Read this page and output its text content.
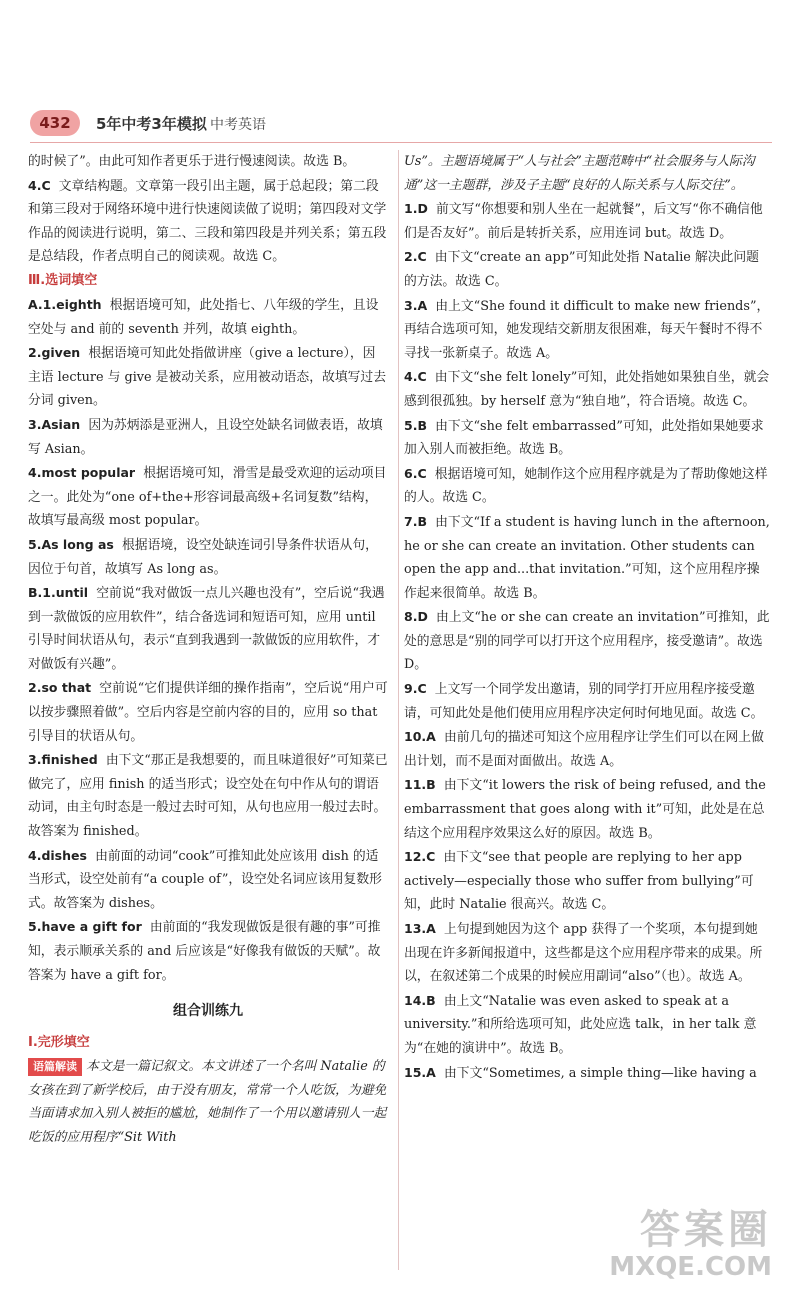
432	5年中考3年模拟 中考英语

的时候了”。由此可知作者更乐于进行慢速阅读。故选 B。

4.C 文章结构题。文章第一段引出主题，属于总起段；第二段和第三段对于网络环境中进行快速阅读做了说明；第四段对文学作品的阅读进行说明，第二、三段和第四段是并列关系；第五段是总结段，作者点明自己的阅读观。故选 C。

Ⅲ.选词填空

A.1.eighth 根据语境可知，此处指七、八年级的学生，且设空处与 and 前的 seventh 并列，故填 eighth。

2.given 根据语境可知此处指做讲座（give a lecture），因主语 lecture 与 give 是被动关系，应用被动语态，故填写过去分词 given。

3.Asian 因为苏炳添是亚洲人，且设空处缺名词做表语，故填写 Asian。

4.most popular 根据语境可知，滑雪是最受欢迎的运动项目之一。此处为“one of+the+形容词最高级+名词复数”结构，故填写最高级 most popular。

5.As long as 根据语境，设空处缺连词引导条件状语从句，因位于句首，故填写 As long as。

B.1.until 空前说“我对做饭一点儿兴趣也没有”，空后说“我遇到一款做饭的应用软件”，结合备选词和短语可知，应用 until 引导时间状语从句，表示“直到我遇到一款做饭的应用软件，才对做饭有兴趣”。

2.so that 空前说“它们提供详细的操作指南”，空后说“用户可以按步骤照着做”。空后内容是空前内容的目的，应用 so that 引导目的状语从句。

3.finished 由下文“那正是我想要的，而且味道很好”可知菜已做完了，应用 finish 的适当形式；设空处在句中作从句的谓语动词，由主句时态是一般过去时可知，从句也应用一般过去时。故答案为 finished。

4.dishes 由前面的动词“cook”可推知此处应该用 dish 的适当形式，设空处前有“a couple of”，设空处名词应该用复数形式。故答案为 dishes。

5.have a gift for 由前面的“我发现做饭是很有趣的事”可推知，表示顺承关系的 and 后应该是“好像我有做饭的天赋”。故答案为 have a gift for。

组合训练九
Ⅰ.完形填空

语篇解读 本文是一篇记叙文。本文讲述了一个名叫 Natalie 的女孩在到了新学校后，由于没有朋友，常常一个人吃饭，为避免当面请求加入别人被拒的尴尬，她制作了一个用以邀请别人一起吃饭的应用程序“Sit With

Us”。主题语境属于“人与社会”主题范畴中“社会服务与人际沟通”这一主题群，涉及子主题“良好的人际关系与人际交往”。

1.D 前文写“你想要和别人坐在一起就餐”，后文写“你不确信他们是否友好”。前后是转折关系，应用连词 but。故选 D。

2.C 由下文“create an app”可知此处指 Natalie 解决此问题的方法。故选 C。

3.A 由上文“She found it difficult to make new friends”，再结合选项可知，她发现结交新朋友很困难，每天午餐时不得不寻找一张新桌子。故选 A。

4.C 由下文“she felt lonely”可知，此处指她如果独自坐，就会感到很孤独。by herself 意为“独自地”，符合语境。故选 C。

5.B 由下文“she felt embarrassed”可知，此处指如果她要求加入别人而被拒绝。故选 B。

6.C 根据语境可知，她制作这个应用程序就是为了帮助像她这样的人。故选 C。

7.B 由下文“If a student is having lunch in the afternoon, he or she can create an invitation. Other students can open the app and...that invitation.”可知，这个应用程序操作起来很简单。故选 B。

8.D 由上文“he or she can create an invitation”可推知，此处的意思是“别的同学可以打开这个应用程序，接受邀请”。故选 D。

9.C 上文写一个同学发出邀请，别的同学打开应用程序接受邀请，可知此处是他们使用应用程序决定何时何地见面。故选 C。

10.A 由前几句的描述可知这个应用程序让学生们可以在网上做出计划，而不是面对面做出。故选 A。

11.B 由下文“it lowers the risk of being refused, and the embarrassment that goes along with it”可知，此处是在总结这个应用程序效果这么好的原因。故选 B。

12.C 由下文“see that people are replying to her app actively—especially those who suffer from bullying”可知，此时 Natalie 很高兴。故选 C。

13.A 上句提到她因为这个 app 获得了一个奖项，本句提到她出现在许多新闻报道中，这些都是这个应用程序带来的成果。所以，在叙述第二个成果的时候应用副词“also”（也）。故选 A。

14.B 由上文“Natalie was even asked to speak at a university.”和所给选项可知，此处应选 talk，in her talk 意为“在她的演讲中”。故选 B。

15.A 由下文“Sometimes, a simple thing—like having a

答案圈
MXQE.COM
